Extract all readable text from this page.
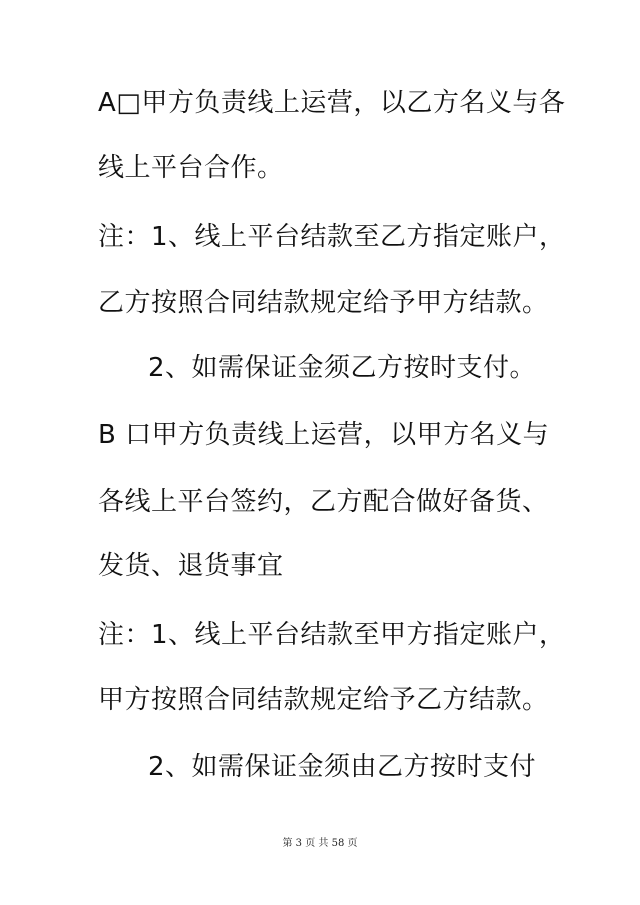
A□甲方负责线上运营，以乙方名义与各
线上平台合作。
注：1、线上平台结款至乙方指定账户，
乙方按照合同结款规定给予甲方结款。
2、如需保证金须乙方按时支付。
B 口甲方负责线上运营，以甲方名义与
各线上平台签约，乙方配合做好备货、
发货、退货事宜
注：1、线上平台结款至甲方指定账户，
甲方按照合同结款规定给予乙方结款。
2、如需保证金须由乙方按时支付
第 3 页 共 58 页
